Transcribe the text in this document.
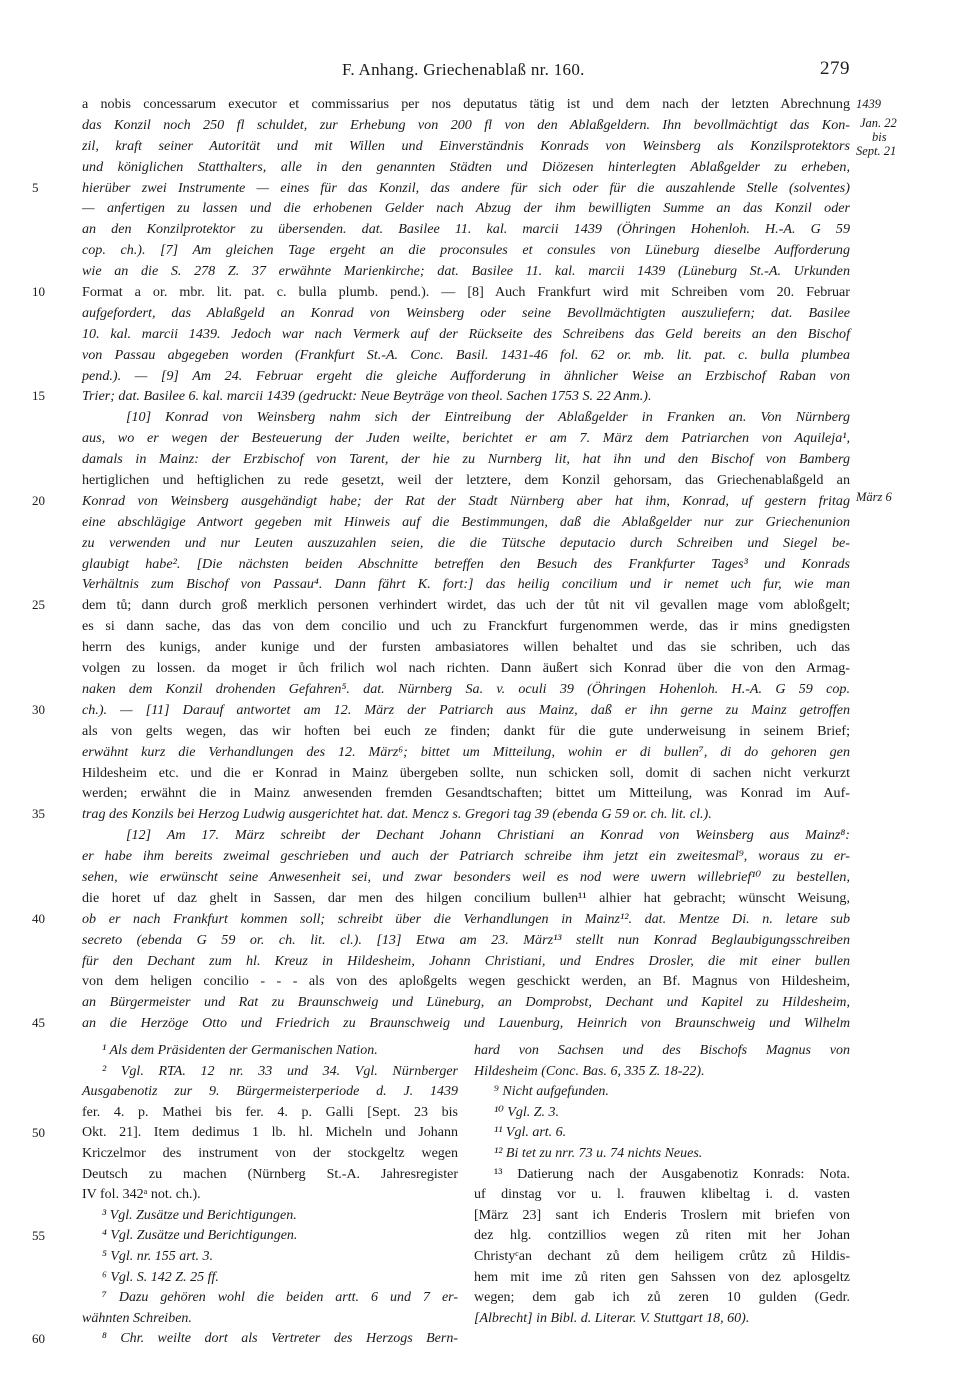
F. Anhang. Griechenablaß nr. 160.	279
1439
Jan. 22
bis
Sept. 21
März 6
a nobis concessarum executor et commissarius per nos deputatus tätig ist und dem nach der letzten Abrechnung
das Konzil noch 250 fl schuldet, zur Erhebung von 200 fl von den Ablaßgeldern. Ihn bevollmächtigt das Kon-
zil, kraft seiner Autorität und mit Willen und Einverständnis Konrads von Weinsberg als Konzilsprotektors
und königlichen Statthalters, alle in den genannten Städten und Diözesen hinterlegten Ablaßgelder zu erheben,
5	hierüber zwei Instrumente — eines für das Konzil, das andere für sich oder für die auszahlende Stelle (solventes)
— anfertigen zu lassen und die erhobenen Gelder nach Abzug der ihm bewilligten Summe an das Konzil oder
an den Konzilprotektor zu übersenden. dat. Basilee 11. kal. marcii 1439 (Öhringen Hohenloh. H.-A. G 59
cop. ch.). [7] Am gleichen Tage ergeht an die proconsules et consules von Lüneburg dieselbe Aufforderung
wie an die S. 278 Z. 37 erwähnte Marienkirche; dat. Basilee 11. kal. marcii 1439 (Lüneburg St.-A. Urkunden
10	Format a or. mbr. lit. pat. c. bulla plumb. pend.). — [8] Auch Frankfurt wird mit Schreiben vom 20. Februar
aufgefordert, das Ablaßgeld an Konrad von Weinsberg oder seine Bevollmächtigten auszuliefern; dat. Basilee
10. kal. marcii 1439. Jedoch war nach Vermerk auf der Rückseite des Schreibens das Geld bereits an den Bischof
von Passau abgegeben worden (Frankfurt St.-A. Conc. Basil. 1431-46 fol. 62 or. mb. lit. pat. c. bulla plumbea
pend.). — [9] Am 24. Februar ergeht die gleiche Aufforderung in ähnlicher Weise an Erzbischof Raban von
15	Trier; dat. Basilee 6. kal. marcii 1439 (gedruckt: Neue Beyträge von theol. Sachen 1753 S. 22 Anm.).
[10] Konrad von Weinsberg nahm sich der Eintreibung der Ablaßgelder in Franken an. Von Nürnberg
aus, wo er wegen der Besteuerung der Juden weilte, berichtet er am 7. März dem Patriarchen von Aquileja¹,
damals in Mainz: der Erzbischof von Tarent, der hie zu Nurnberg lit, hat ihn und den Bischof von Bamberg
hertiglichen und heftiglichen zu rede gesetzt, weil der letztere, dem Konzil gehorsam, das Griechenablaßgeld an
20	Konrad von Weinsberg ausgehändigt habe; der Rat der Stadt Nürnberg aber hat ihm, Konrad, uf gestern fritag
eine abschlägige Antwort gegeben mit Hinweis auf die Bestimmungen, daß die Ablaßgelder nur zur Griechenunion
zu verwenden und nur Leuten auszuzahlen seien, die die Tütsche deputacio durch Schreiben und Siegel be-
glaubigt habe². [Die nächsten beiden Abschnitte betreffen den Besuch des Frankfurter Tages³ und Konrads
Verhältnis zum Bischof von Passau⁴. Dann fährt K. fort:] das heilig concilium und ir nemet uch fur, wie man
25	dem tů; dann durch groß merklich personen verhindert wirdet, das uch der tůt nit vil gevallen mage vom abloßgelt;
es si dann sache, das das von dem concilio und uch zu Franckfurt furgenommen werde, das ir mins gnedigsten
herrn des kunigs, ander kunige und der fursten ambasiatores willen behaltet und das sie schriben, uch das
volgen zu lossen. da moget ir ůch frilich wol nach richten. Dann äußert sich Konrad über die von den Armag-
naken dem Konzil drohenden Gefahren⁵. dat. Nürnberg Sa. v. oculi 39 (Öhringen Hohenloh. H.-A. G 59 cop.
30	ch.). — [11] Darauf antwortet am 12. März der Patriarch aus Mainz, daß er ihn gerne zu Mainz getroffen
als von gelts wegen, das wir hoften bei euch ze finden; dankt für die gute underweisung in seinem Brief;
erwähnt kurz die Verhandlungen des 12. März⁶; bittet um Mitteilung, wohin er di bullen⁷, di do gehoren gen
Hildesheim etc. und die er Konrad in Mainz übergeben sollte, nun schicken soll, domit di sachen nicht verkurzt
werden; erwähnt die in Mainz anwesenden fremden Gesandtschaften; bittet um Mitteilung, was Konrad im Auf-
35	trag des Konzils bei Herzog Ludwig ausgerichtet hat. dat. Mencz s. Gregori tag 39 (ebenda G 59 or. ch. lit. cl.).
[12] Am 17. März schreibt der Dechant Johann Christiani an Konrad von Weinsberg aus Mainz⁸:
er habe ihm bereits zweimal geschrieben und auch der Patriarch schreibe ihm jetzt ein zweitesmal⁹, woraus zu er-
sehen, wie erwünscht seine Anwesenheit sei, und zwar besonders weil es nod were uwern willebrief¹⁰ zu bestellen,
die horet uf daz ghelt in Sassen, dar men des hilgen concilium bullen¹¹ alhier hat gebracht; wünscht Weisung,
40	ob er nach Frankfurt kommen soll; schreibt über die Verhandlungen in Mainz¹². dat. Mentze Di. n. letare sub
secreto (ebenda G 59 or. ch. lit. cl.). [13] Etwa am 23. März¹³ stellt nun Konrad Beglaubigungsschreiben
für den Dechant zum hl. Kreuz in Hildesheim, Johann Christiani, und Endres Drosler, die mit einer bullen
von dem heligen concilio - - - als von des aploßgelts wegen geschickt werden, an Bf. Magnus von Hildesheim,
an Bürgermeister und Rat zu Braunschweig und Lüneburg, an Domprobst, Dechant und Kapitel zu Hildesheim,
45	an die Herzöge Otto und Friedrich zu Braunschweig und Lauenburg, Heinrich von Braunschweig und Wilhelm
¹ Als dem Präsidenten der Germanischen Nation.
² Vgl. RTA. 12 nr. 33 und 34. Vgl. Nürnberger
Ausgabenotiz zur 9. Bürgermeisterperiode d. J. 1439
fer. 4. p. Mathei bis fer. 4. p. Galli [Sept. 23 bis
50	Okt. 21]. Item dedimus 1 lb. hl. Micheln und Johann
Kriczelmor des instrument von der stockgeltz wegen
Deutsch zu machen (Nürnberg St.-A. Jahresregister
IV fol. 342ᵃ not. ch.).
³ Vgl. Zusätze und Berichtigungen.
55	⁴ Vgl. Zusätze und Berichtigungen.
⁵ Vgl. nr. 155 art. 3.
⁶ Vgl. S. 142 Z. 25 ff.
⁷ Dazu gehören wohl die beiden artt. 6 und 7 er-
wähnten Schreiben.
60	⁸ Chr. weilte dort als Vertreter des Herzogs Bern-
hard von Sachsen und des Bischofs Magnus von
Hildesheim (Conc. Bas. 6, 335 Z. 18-22).
⁹ Nicht aufgefunden.
¹⁰ Vgl. Z. 3.
¹¹ Vgl. art. 6.
¹² Bi tet zu nrr. 73 u. 74 nichts Neues.
¹³ Datierung nach der Ausgabenotiz Konrads: Nota.
uf dinstag vor u. l. frauwen klibeltag i. d. vasten
[März 23] sant ich Enderis Troslern mit briefen von
dez hlg. contzillios wegen zů riten mit her Johan
Christyᶜan dechant zů dem heiligem crůtz zů Hildis-
hem mit ime zů riten gen Sahssen von dez aplosgeltz
wegen; dem gab ich zů zeren 10 gulden (Gedr.
[Albrecht] in Bibl. d. Literar. V. Stuttgart 18, 60).
